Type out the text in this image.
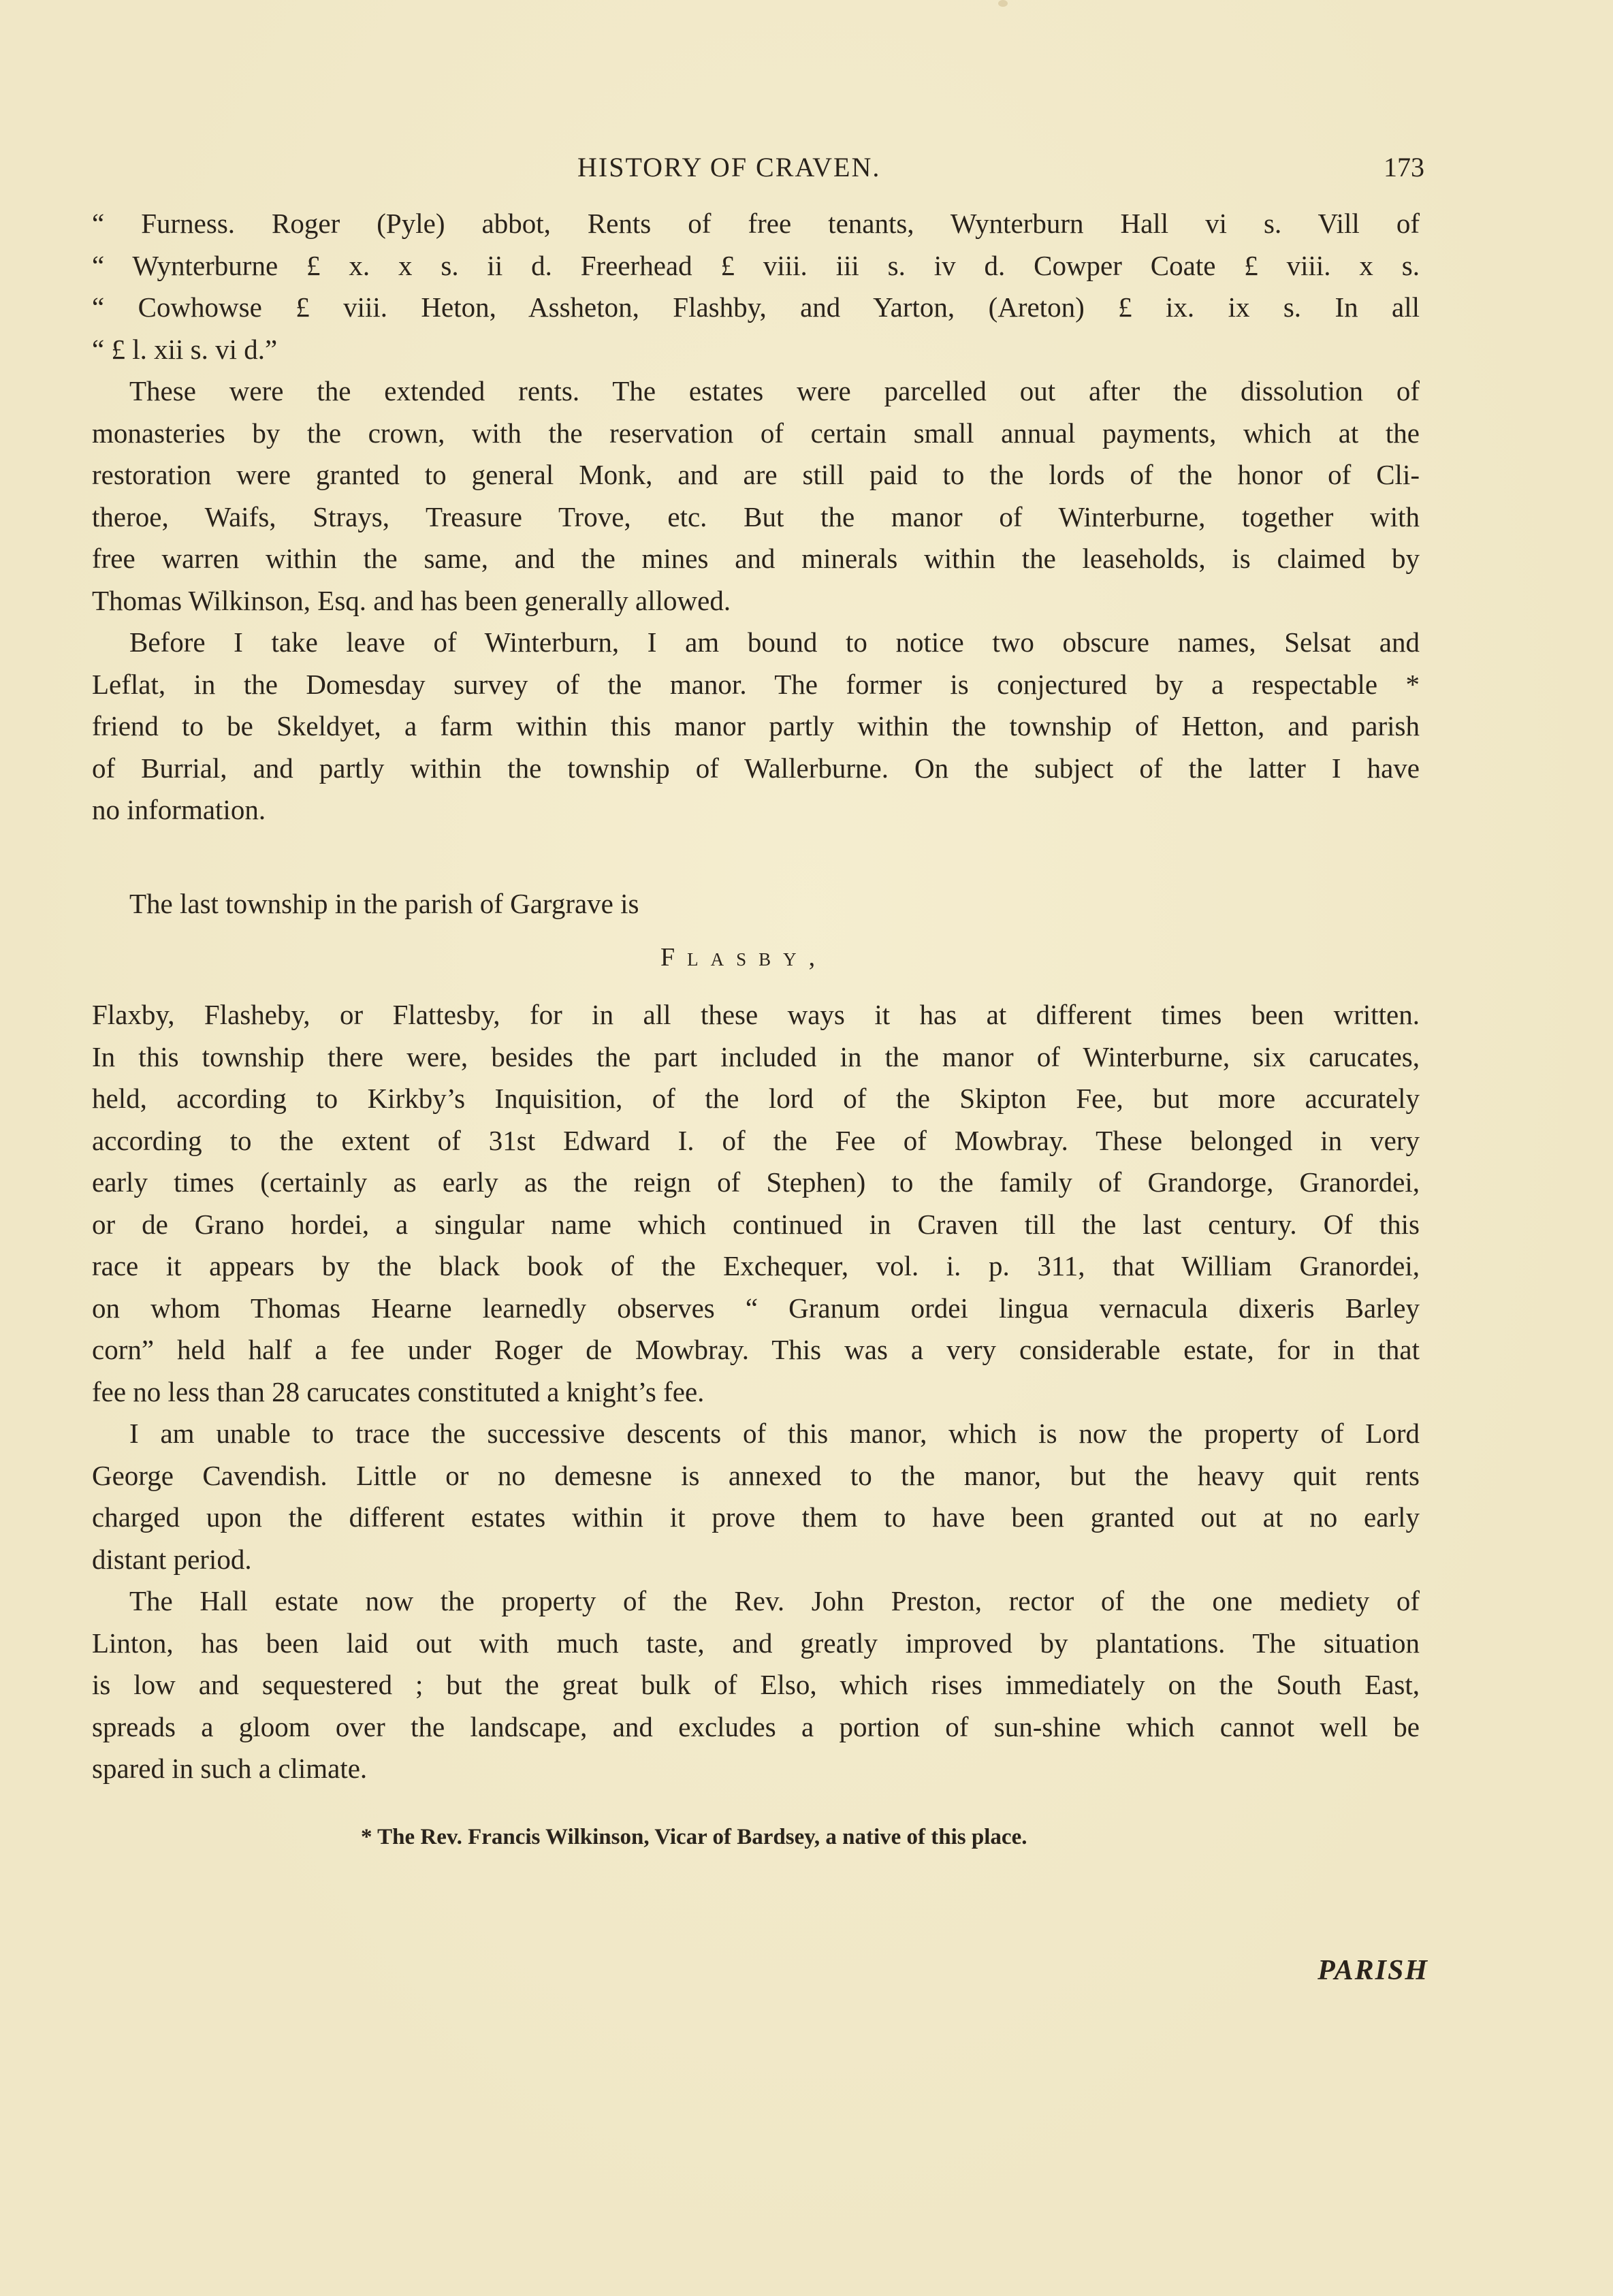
HISTORY OF CRAVEN.	173
“ Furness. Roger (Pyle) abbot, Rents of free tenants, Wynterburn Hall vi s. Vill of
“ Wynterburne £ x. x s. ii d. Freerhead £ viii. iii s. iv d. Cowper Coate £ viii. x s.
“ Cowhowse £ viii. Heton, Assheton, Flashby, and Yarton, (Areton) £ ix. ix s. In all
“ £ l. xii s. vi d.”
These were the extended rents. The estates were parcelled out after the dissolution of
monasteries by the crown, with the reservation of certain small annual payments, which at the
restoration were granted to general Monk, and are still paid to the lords of the honor of Cli-
theroe, Waifs, Strays, Treasure Trove, etc. But the manor of Winterburne, together with
free warren within the same, and the mines and minerals within the leaseholds, is claimed by
Thomas Wilkinson, Esq. and has been generally allowed.
Before I take leave of Winterburn, I am bound to notice two obscure names, Selsat and
Leflat, in the Domesday survey of the manor. The former is conjectured by a respectable *
friend to be Skeldyet, a farm within this manor partly within the township of Hetton, and parish
of Burrial, and partly within the township of Wallerburne. On the subject of the latter I have
no information.
The last township in the parish of Gargrave is
Flasby,
Flaxby, Flasheby, or Flattesby, for in all these ways it has at different times been written.
In this township there were, besides the part included in the manor of Winterburne, six carucates,
held, according to Kirkby’s Inquisition, of the lord of the Skipton Fee, but more accurately
according to the extent of 31st Edward I. of the Fee of Mowbray. These belonged in very
early times (certainly as early as the reign of Stephen) to the family of Grandorge, Granordei,
or de Grano hordei, a singular name which continued in Craven till the last century. Of this
race it appears by the black book of the Exchequer, vol. i. p. 311, that William Granordei,
on whom Thomas Hearne learnedly observes “ Granum ordei lingua vernacula dixeris Barley
corn” held half a fee under Roger de Mowbray. This was a very considerable estate, for in that
fee no less than 28 carucates constituted a knight’s fee.
I am unable to trace the successive descents of this manor, which is now the property of Lord
George Cavendish. Little or no demesne is annexed to the manor, but the heavy quit rents
charged upon the different estates within it prove them to have been granted out at no early
distant period.
The Hall estate now the property of the Rev. John Preston, rector of the one mediety of
Linton, has been laid out with much taste, and greatly improved by plantations. The situation
is low and sequestered ; but the great bulk of Elso, which rises immediately on the South East,
spreads a gloom over the landscape, and excludes a portion of sun-shine which cannot well be
spared in such a climate.
* The Rev. Francis Wilkinson, Vicar of Bardsey, a native of this place.
PARISH
